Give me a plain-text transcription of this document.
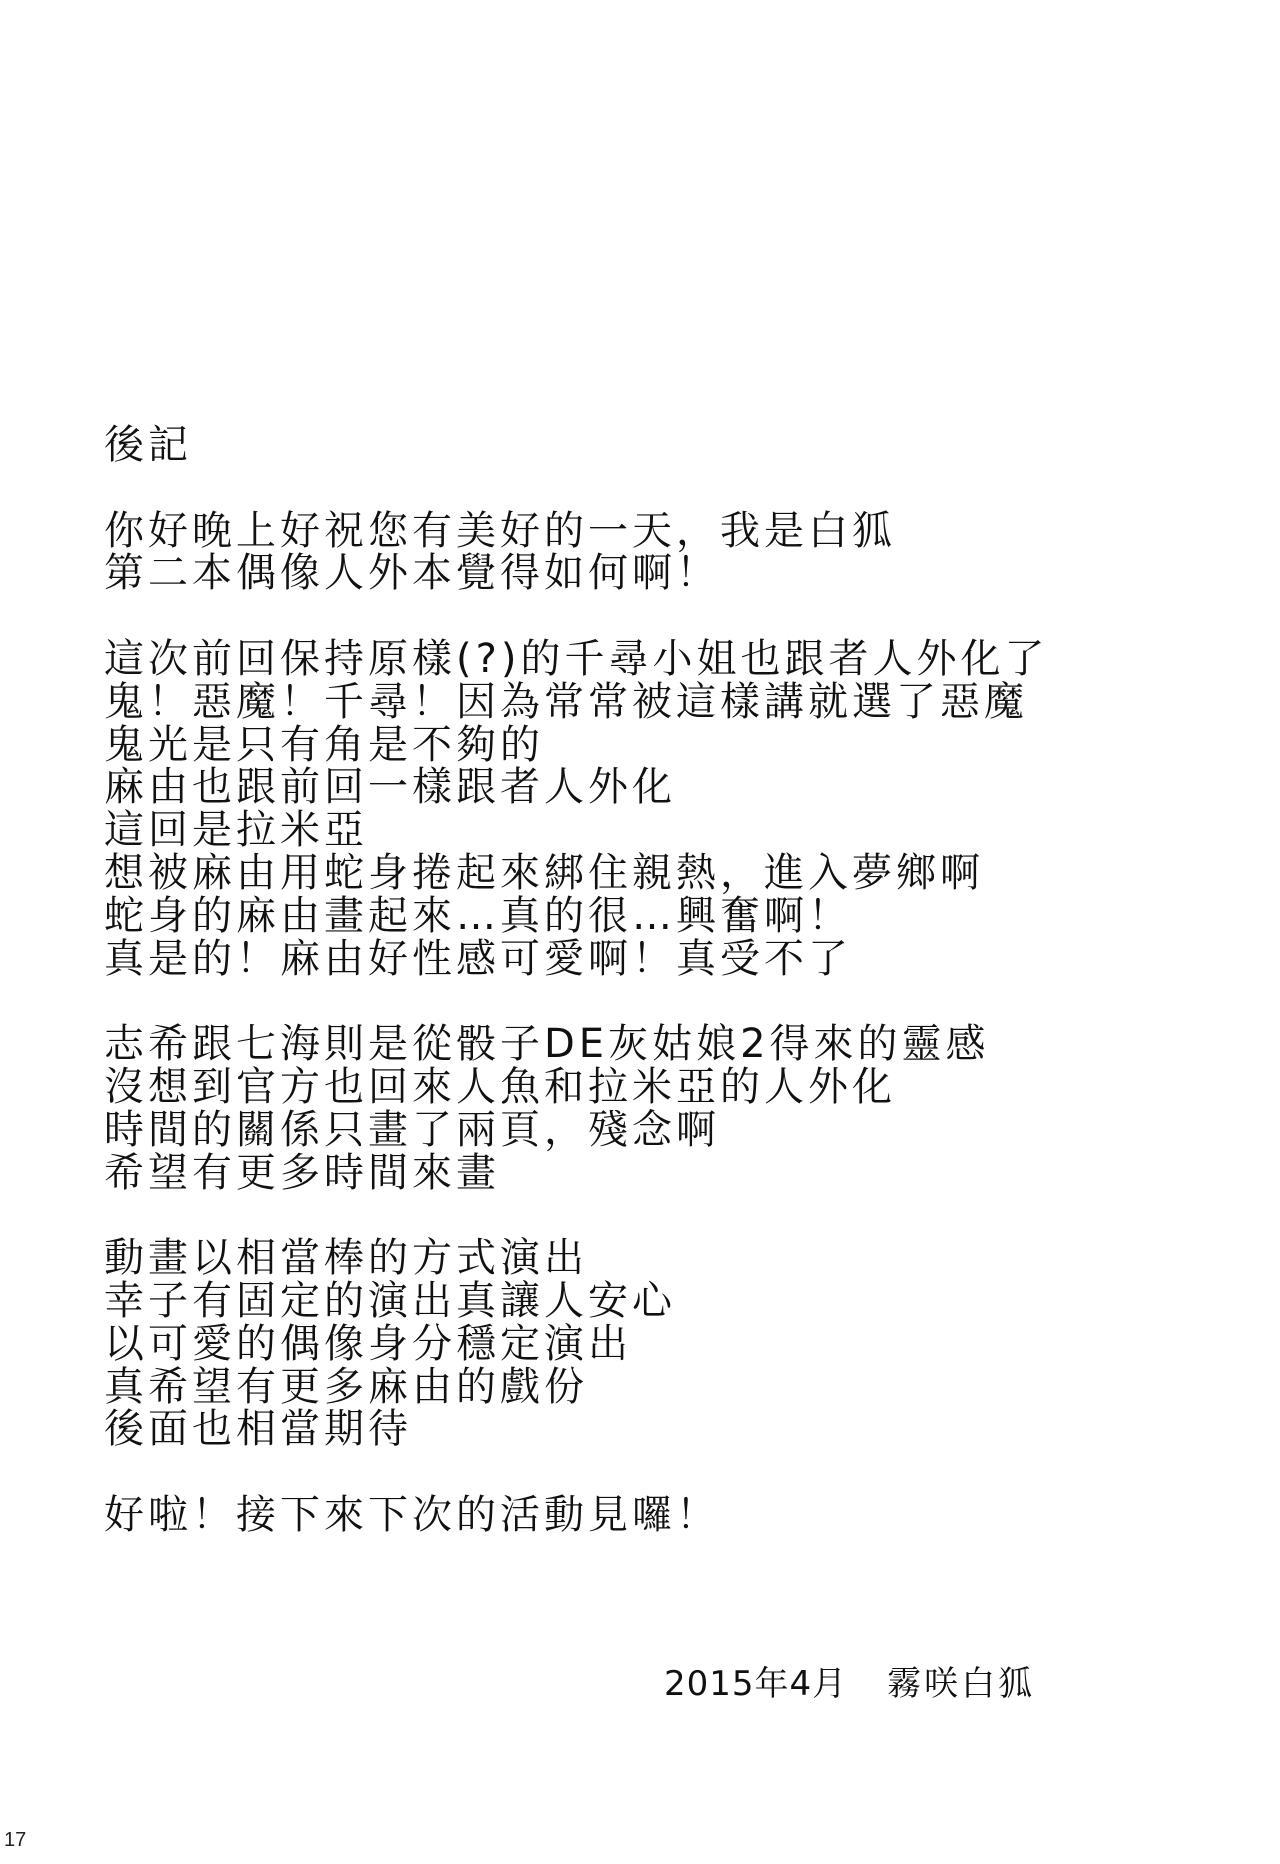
後記
你好晚上好祝您有美好的一天，我是白狐
第二本偶像人外本覺得如何啊！
這次前回保持原樣(?)的千尋小姐也跟者人外化了
鬼！惡魔！千尋！因為常常被這樣講就選了惡魔
鬼光是只有角是不夠的
麻由也跟前回一樣跟者人外化
這回是拉米亞
想被麻由用蛇身捲起來綁住親熱，進入夢鄉啊
蛇身的麻由畫起來…真的很…興奮啊！
真是的！麻由好性感可愛啊！真受不了
志希跟七海則是從骰子DE灰姑娘2得來的靈感
沒想到官方也回來人魚和拉米亞的人外化
時間的關係只畫了兩頁，殘念啊
希望有更多時間來畫
動畫以相當棒的方式演出
幸子有固定的演出真讓人安心
以可愛的偶像身分穩定演出
真希望有更多麻由的戲份
後面也相當期待
好啦！接下來下次的活動見囉！
2015年4月 霧咲白狐
17
